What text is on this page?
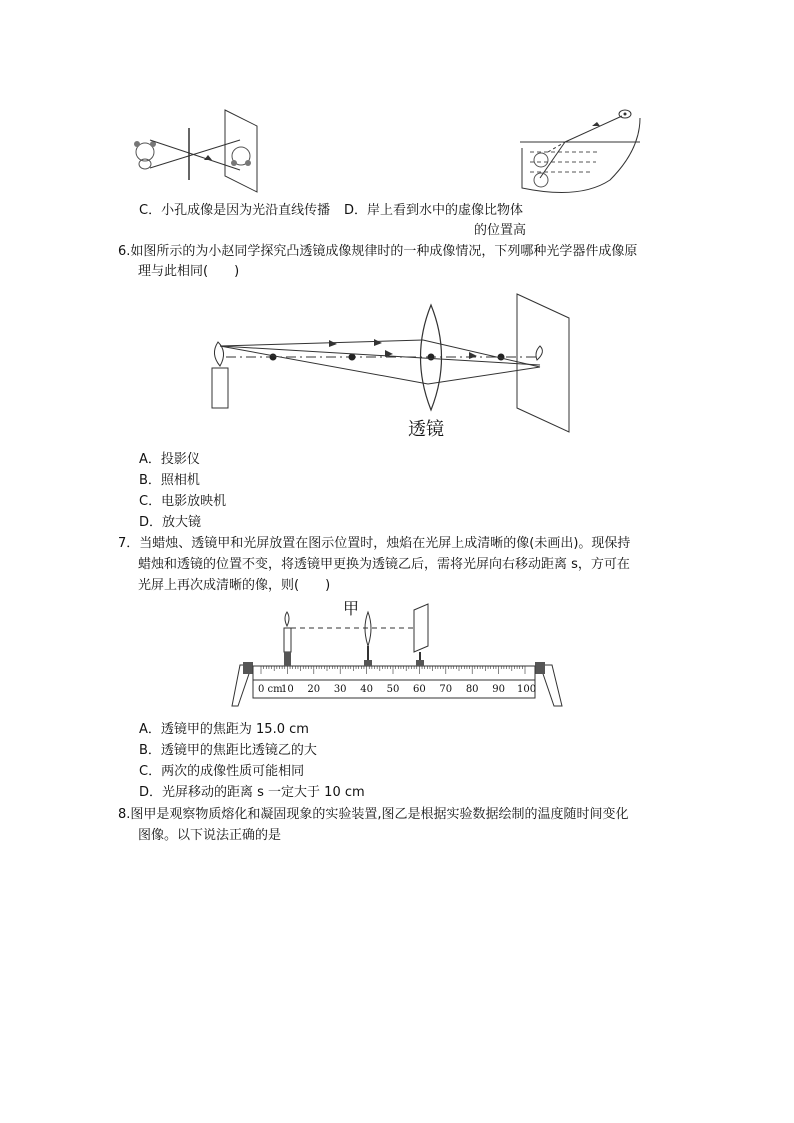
C．小孔成像是因为光沿直线传播 D．岸上看到水中的虚像比物体
的位置高
6.如图所示的为小赵同学探究凸透镜成像规律时的一种成像情况，下列哪种光学器件成像原
理与此相同(　　)
透镜
A．投影仪
B．照相机
C．电影放映机
D．放大镜
7．当蜡烛、透镜甲和光屏放置在图示位置时，烛焰在光屏上成清晰的像(未画出)。现保持
蜡烛和透镜的位置不变，将透镜甲更换为透镜乙后，需将光屏向右移动距离 s，方可在
光屏上再次成清晰的像，则(　　)
甲
0 cm
10 20 30 40 50 60 70 80 90 100
A．透镜甲的焦距为 15.0 cm
B．透镜甲的焦距比透镜乙的大
C．两次的成像性质可能相同
D．光屏移动的距离 s 一定大于 10 cm
8.图甲是观察物质熔化和凝固现象的实验装置,图乙是根据实验数据绘制的温度随时间变化
图像。以下说法正确的是
